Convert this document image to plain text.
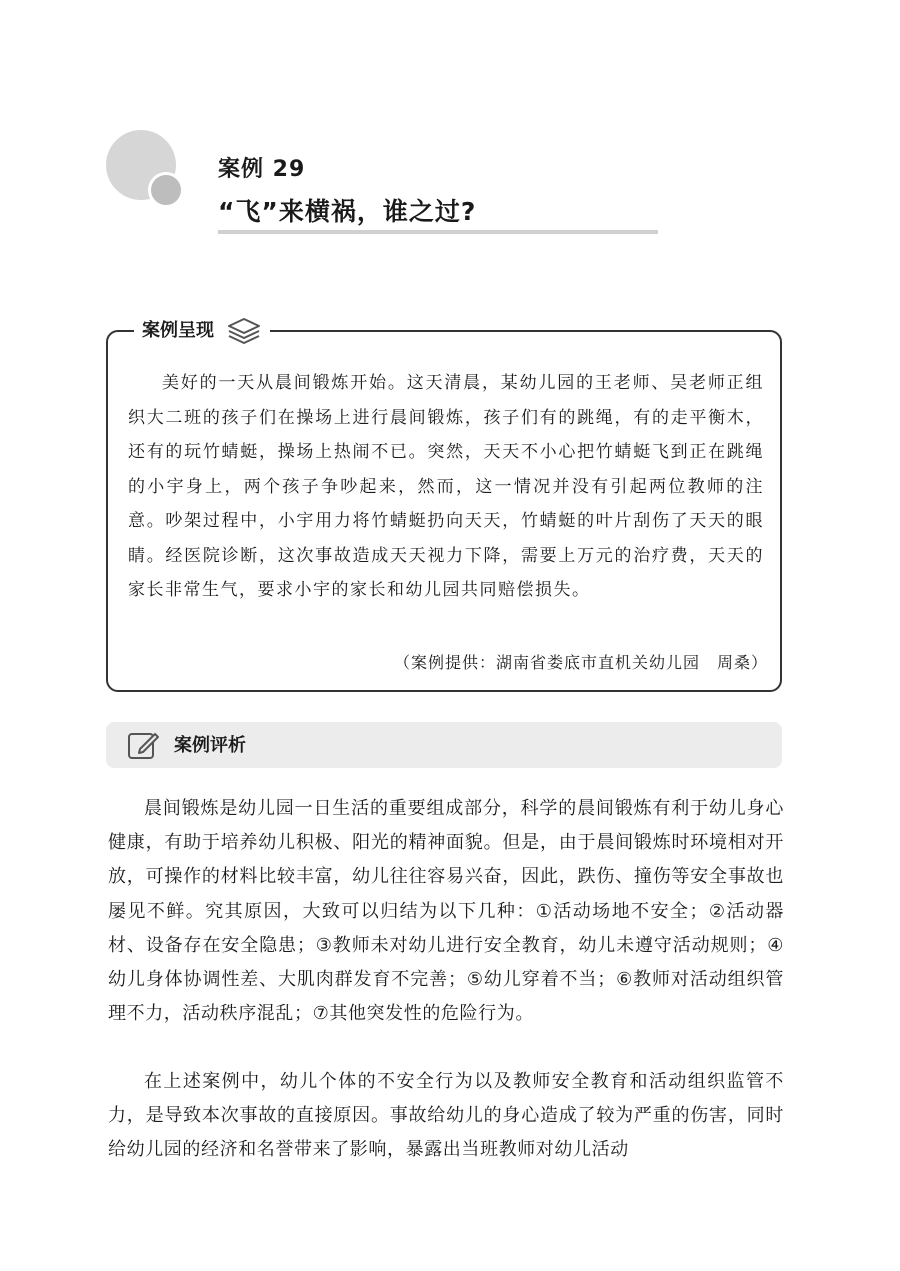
案例 29
“飞”来横祸，谁之过?
案例呈现
美好的一天从晨间锻炼开始。这天清晨，某幼儿园的王老师、吴老师正组织大二班的孩子们在操场上进行晨间锻炼，孩子们有的跳绳，有的走平衡木，还有的玩竹蜻蜓，操场上热闹不已。突然，天天不小心把竹蜻蜓飞到正在跳绳的小宇身上，两个孩子争吵起来，然而，这一情况并没有引起两位教师的注意。吵架过程中，小宇用力将竹蜻蜓扔向天天，竹蜻蜓的叶片刮伤了天天的眼睛。经医院诊断，这次事故造成天天视力下降，需要上万元的治疗费，天天的家长非常生气，要求小宇的家长和幼儿园共同赔偿损失。
（案例提供：湖南省娄底市直机关幼儿园　周桑）
案例评析

晨间锻炼是幼儿园一日生活的重要组成部分，科学的晨间锻炼有利于幼儿身心健康，有助于培养幼儿积极、阳光的精神面貌。但是，由于晨间锻炼时环境相对开放，可操作的材料比较丰富，幼儿往往容易兴奋，因此，跌伤、撞伤等安全事故也屡见不鲜。究其原因，大致可以归结为以下几种：①活动场地不安全；②活动器材、设备存在安全隐患；③教师未对幼儿进行安全教育，幼儿未遵守活动规则；④幼儿身体协调性差、大肌肉群发育不完善；⑤幼儿穿着不当；⑥教师对活动组织管理不力，活动秩序混乱；⑦其他突发性的危险行为。

在上述案例中，幼儿个体的不安全行为以及教师安全教育和活动组织监管不力，是导致本次事故的直接原因。事故给幼儿的身心造成了较为严重的伤害，同时给幼儿园的经济和名誉带来了影响，暴露出当班教师对幼儿活动
